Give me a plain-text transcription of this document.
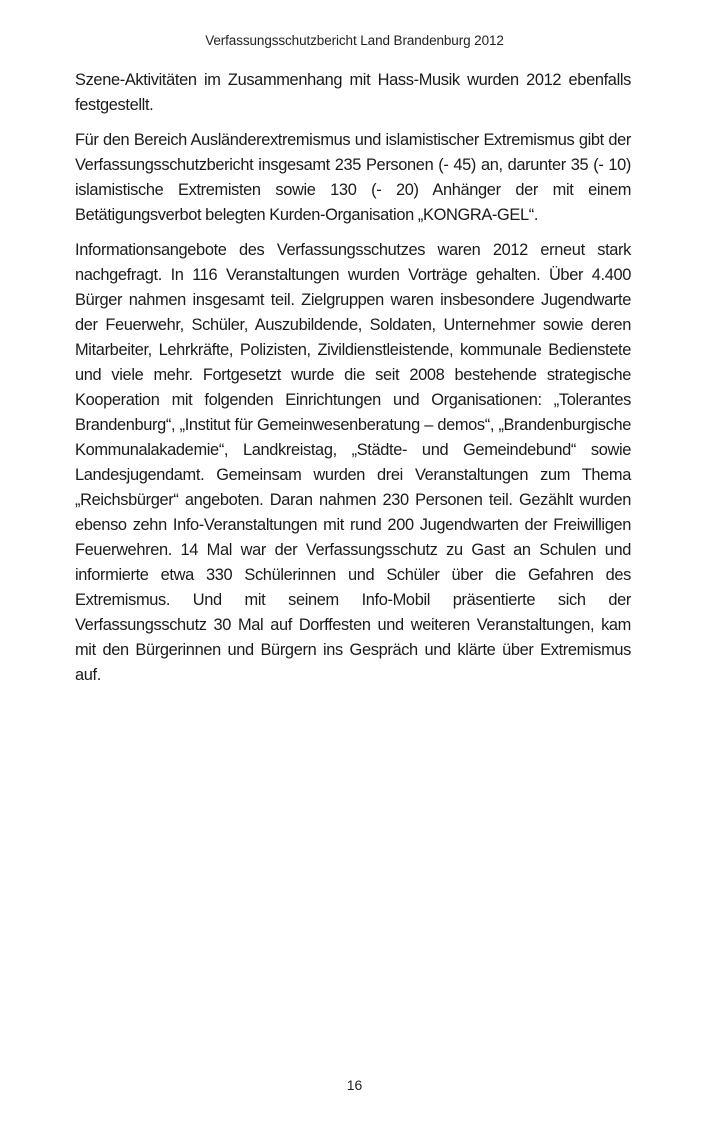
Verfassungsschutzbericht Land Brandenburg 2012

Szene-Aktivitäten im Zusammenhang mit Hass-Musik wurden 2012 ebenfalls festgestellt.

Für den Bereich Ausländerextremismus und islamistischer Extremismus gibt der Verfassungsschutzbericht insgesamt 235 Personen (- 45) an, darunter 35 (- 10) islamistische Extremisten sowie 130 (- 20) Anhänger der mit einem Betätigungsverbot belegten Kurden-Organisation „KONGRA-GEL“.

Informationsangebote des Verfassungsschutzes waren 2012 erneut stark nachgefragt. In 116 Veranstaltungen wurden Vorträge gehalten. Über 4.400 Bürger nahmen insgesamt teil. Zielgruppen waren insbesondere Jugendwarte der Feuerwehr, Schüler, Auszubildende, Soldaten, Unternehmer sowie deren Mitarbeiter, Lehrkräfte, Polizisten, Zivildienstleistende, kommunale Bedienstete und viele mehr. Fortgesetzt wurde die seit 2008 bestehende strategische Kooperation mit folgenden Einrichtungen und Organisationen: „Tolerantes Brandenburg“, „Institut für Gemeinwesenberatung – demos“, „Brandenburgische Kommunalakademie“, Landkreistag, „Städte- und Gemeindebund“ sowie Landesjugendamt. Gemeinsam wurden drei Veranstaltungen zum Thema „Reichsbürger“ angeboten. Daran nahmen 230 Personen teil. Gezählt wurden ebenso zehn Info-Veranstaltungen mit rund 200 Jugendwarten der Freiwilligen Feuerwehren. 14 Mal war der Verfassungsschutz zu Gast an Schulen und informierte etwa 330 Schülerinnen und Schüler über die Gefahren des Extremismus. Und mit seinem Info-Mobil präsentierte sich der Verfassungsschutz 30 Mal auf Dorffesten und weiteren Veranstaltungen, kam mit den Bürgerinnen und Bürgern ins Gespräch und klärte über Extremismus auf.

16
